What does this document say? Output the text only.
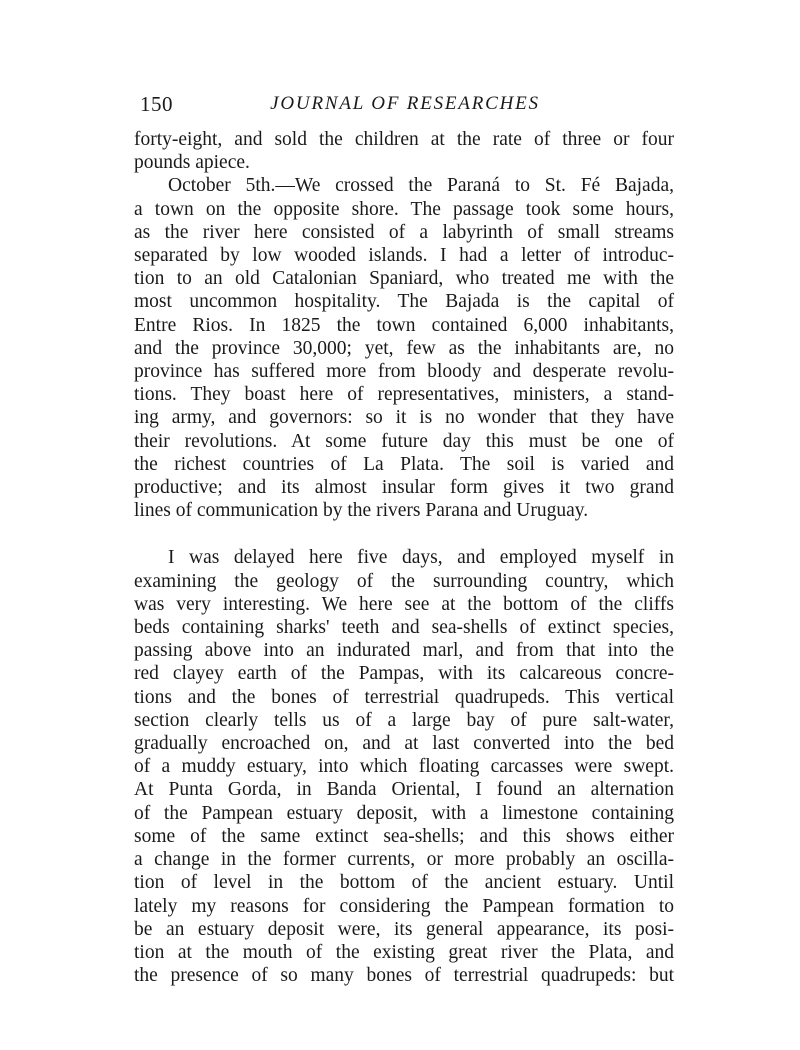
150	JOURNAL OF RESEARCHES

forty-eight, and sold the children at the rate of three or four
pounds apiece.

October 5th.—We crossed the Paraná to St. Fé Bajada,
a town on the opposite shore. The passage took some hours,
as the river here consisted of a labyrinth of small streams
separated by low wooded islands. I had a letter of introduc-
tion to an old Catalonian Spaniard, who treated me with the
most uncommon hospitality. The Bajada is the capital of
Entre Rios. In 1825 the town contained 6,000 inhabitants,
and the province 30,000; yet, few as the inhabitants are, no
province has suffered more from bloody and desperate revolu-
tions. They boast here of representatives, ministers, a stand-
ing army, and governors: so it is no wonder that they have
their revolutions. At some future day this must be one of
the richest countries of La Plata. The soil is varied and
productive; and its almost insular form gives it two grand
lines of communication by the rivers Parana and Uruguay.

I was delayed here five days, and employed myself in
examining the geology of the surrounding country, which
was very interesting. We here see at the bottom of the cliffs
beds containing sharks' teeth and sea-shells of extinct species,
passing above into an indurated marl, and from that into the
red clayey earth of the Pampas, with its calcareous concre-
tions and the bones of terrestrial quadrupeds. This vertical
section clearly tells us of a large bay of pure salt-water,
gradually encroached on, and at last converted into the bed
of a muddy estuary, into which floating carcasses were swept.
At Punta Gorda, in Banda Oriental, I found an alternation
of the Pampean estuary deposit, with a limestone containing
some of the same extinct sea-shells; and this shows either
a change in the former currents, or more probably an oscilla-
tion of level in the bottom of the ancient estuary. Until
lately my reasons for considering the Pampean formation to
be an estuary deposit were, its general appearance, its posi-
tion at the mouth of the existing great river the Plata, and
the presence of so many bones of terrestrial quadrupeds: but
